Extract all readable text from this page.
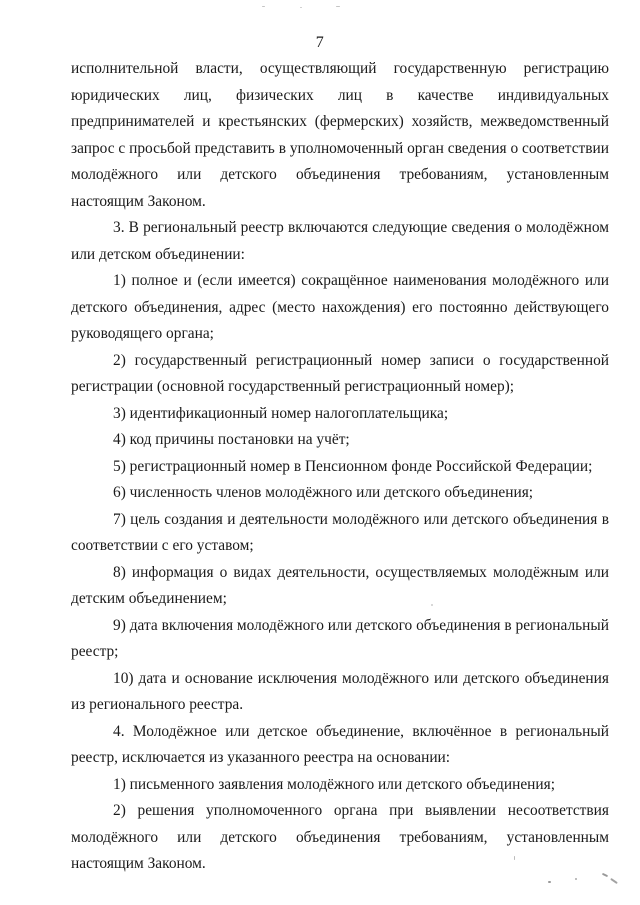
7

исполнительной власти, осуществляющий государственную регистрацию юридических лиц, физических лиц в качестве индивидуальных предпринимателей и крестьянских (фермерских) хозяйств, межведомственный запрос с просьбой представить в уполномоченный орган сведения о соответствии молодёжного или детского объединения требованиям, установленным настоящим Законом.

3. В региональный реестр включаются следующие сведения о молодёжном или детском объединении:

1) полное и (если имеется) сокращённое наименования молодёжного или детского объединения, адрес (место нахождения) его постоянно действующего руководящего органа;

2) государственный регистрационный номер записи о государственной регистрации (основной государственный регистрационный номер);

3) идентификационный номер налогоплательщика;

4) код причины постановки на учёт;

5) регистрационный номер в Пенсионном фонде Российской Федерации;

6) численность членов молодёжного или детского объединения;

7) цель создания и деятельности молодёжного или детского объединения в соответствии с его уставом;

8) информация о видах деятельности, осуществляемых молодёжным или детским объединением;

9) дата включения молодёжного или детского объединения в региональный реестр;

10) дата и основание исключения молодёжного или детского объединения из регионального реестра.

4. Молодёжное или детское объединение, включённое в региональный реестр, исключается из указанного реестра на основании:

1) письменного заявления молодёжного или детского объединения;

2) решения уполномоченного органа при выявлении несоответствия молодёжного или детского объединения требованиям, установленным настоящим Законом.
